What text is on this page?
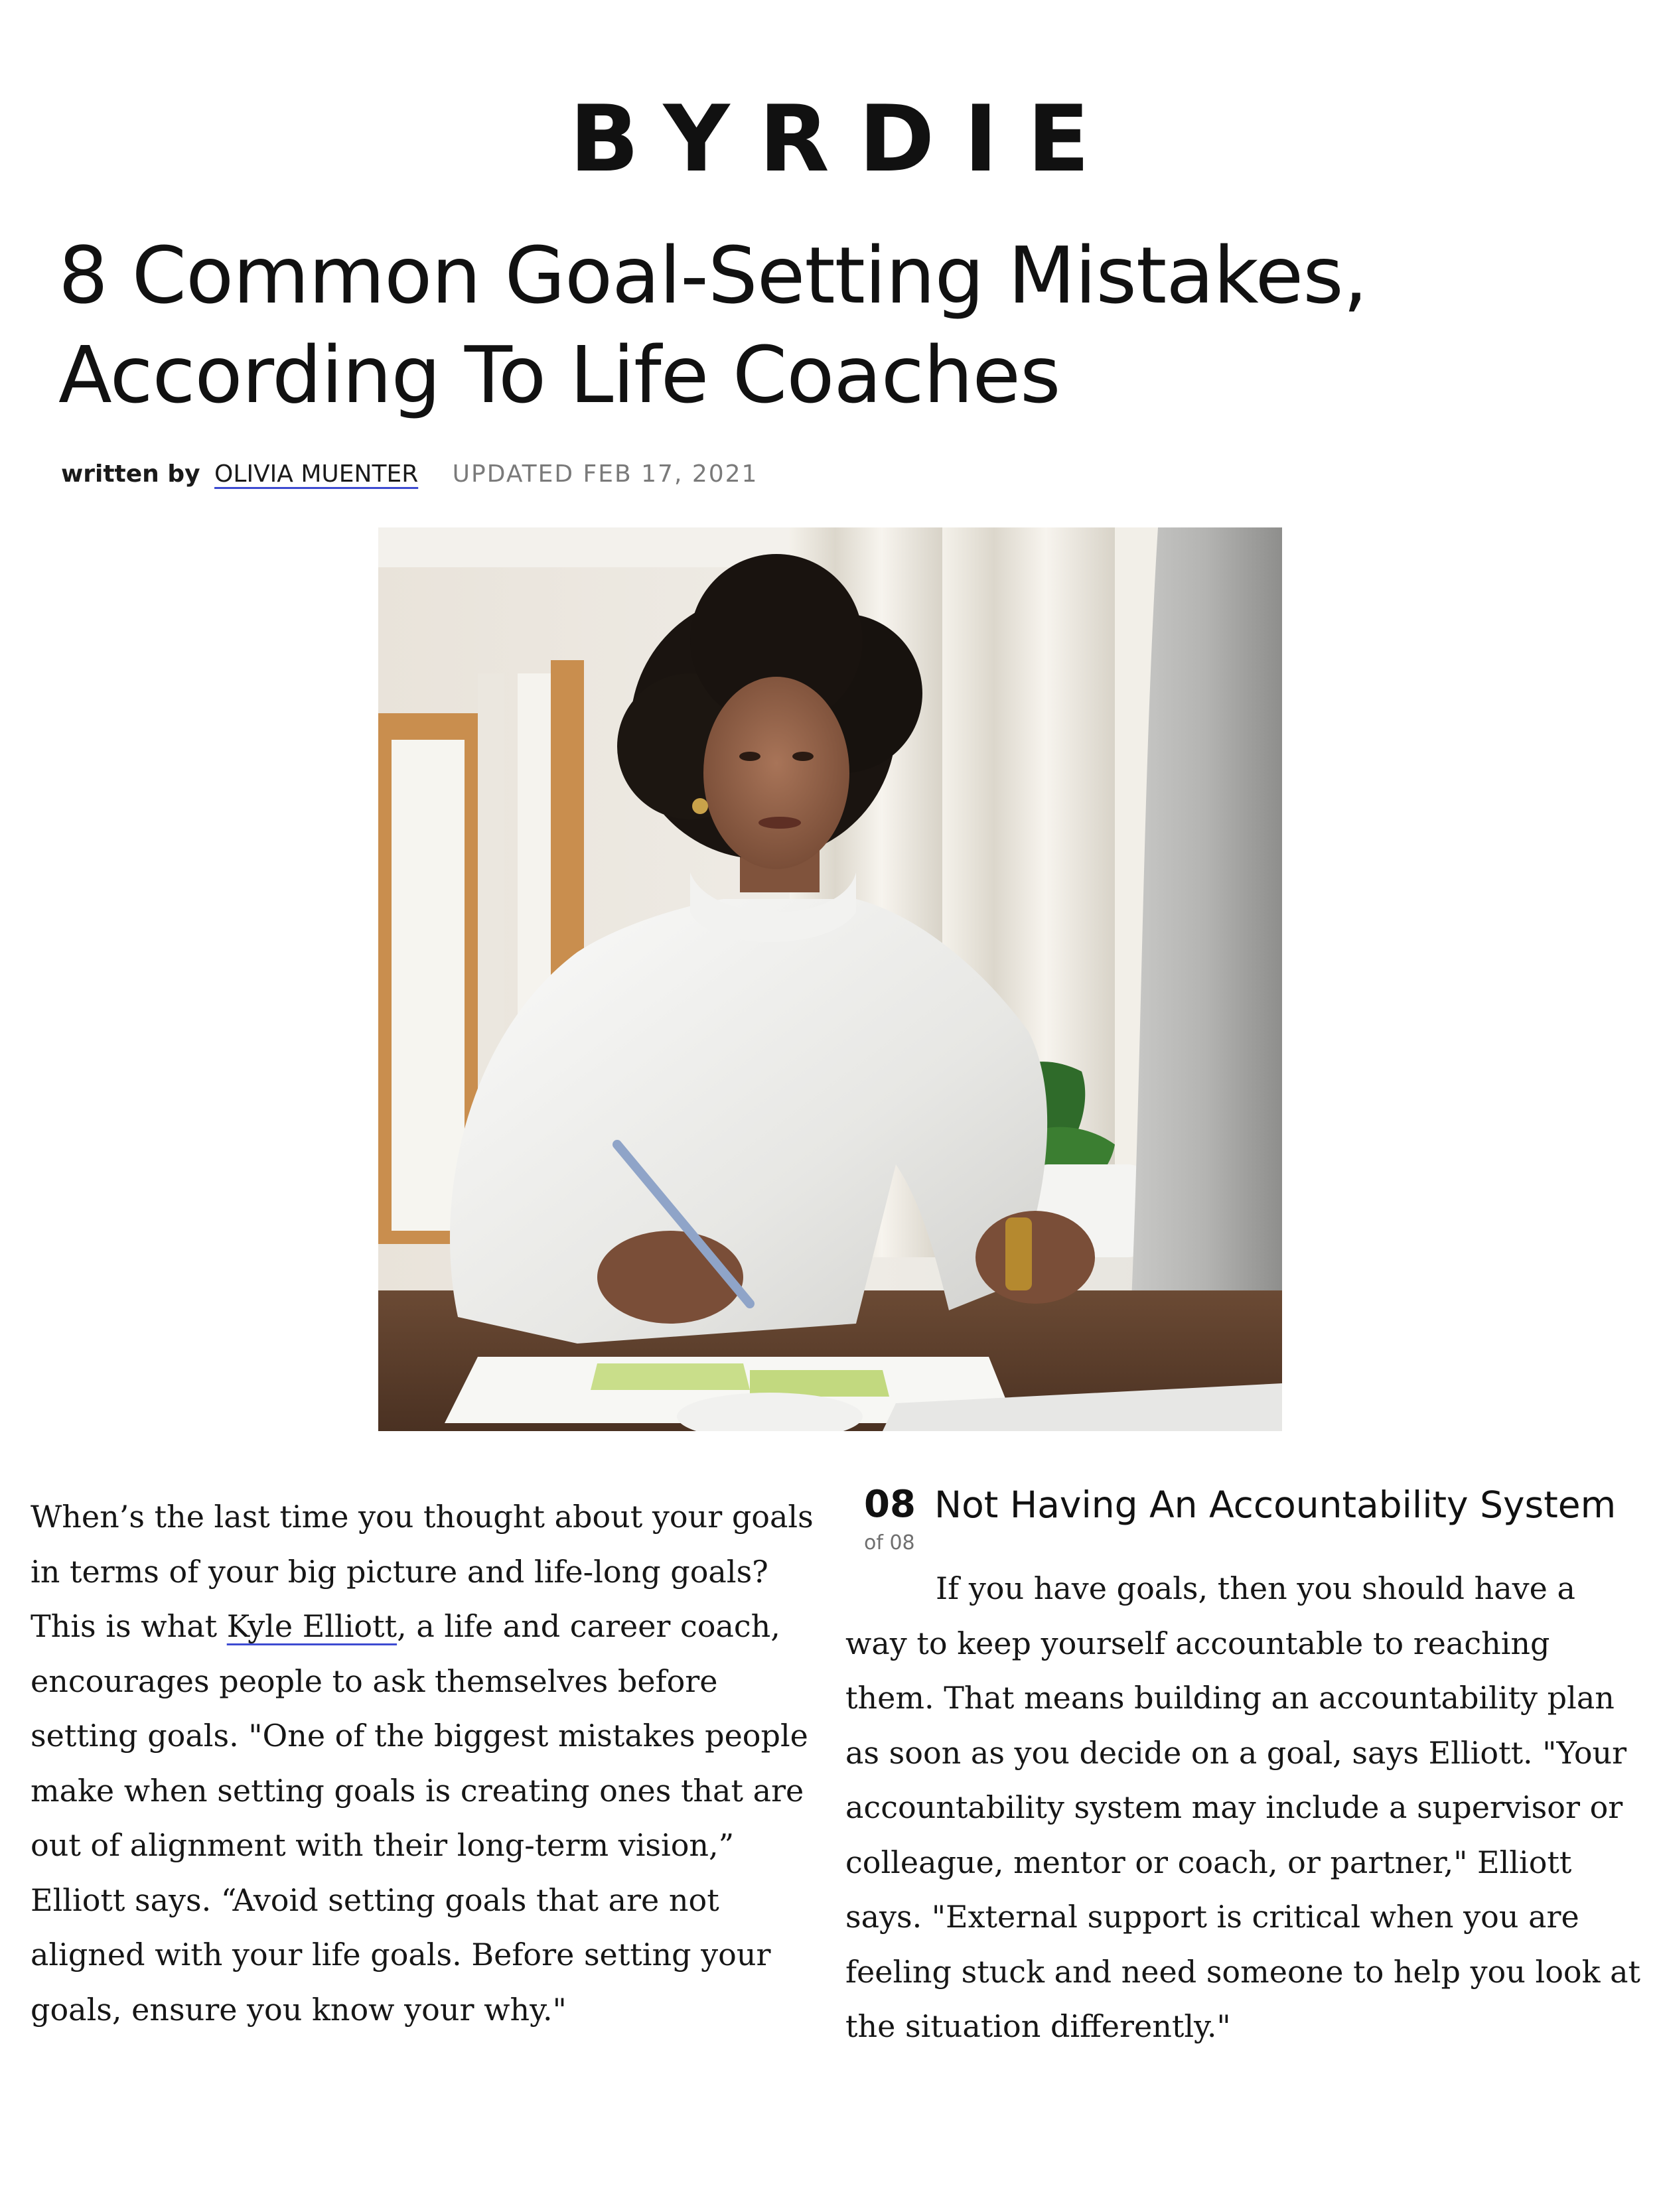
BYRDIE
8 Common Goal-Setting Mistakes, According To Life Coaches
written by OLIVIA MUENTER UPDATED FEB 17, 2021

When’s the last time you thought about your goals in terms of your big picture and life-long goals? This is what Kyle Elliott, a life and career coach, encourages people to ask themselves before setting goals. "One of the biggest mistakes people make when setting goals is creating ones that are out of alignment with their long-term vision,” Elliott says. “Avoid setting goals that are not aligned with your life goals. Before setting your goals, ensure you know your why."

08
of 08
Not Having An Accountability System

If you have goals, then you should have a way to keep yourself accountable to reaching them. That means building an accountability plan as soon as you decide on a goal, says Elliott. "Your accountability system may include a supervisor or colleague, mentor or coach, or partner," Elliott says. "External support is critical when you are feeling stuck and need someone to help you look at the situation differently."
